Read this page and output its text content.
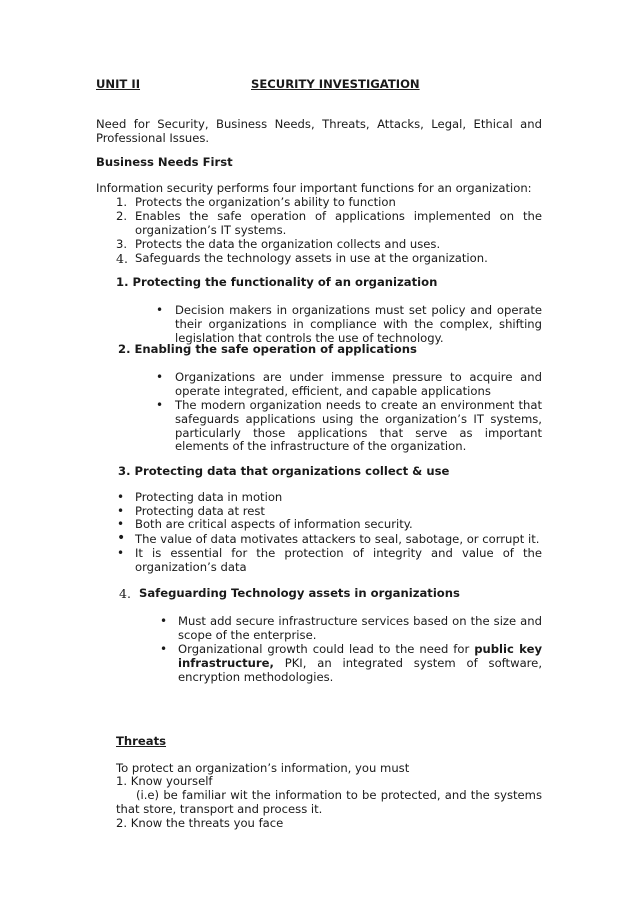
UNIT II	SECURITY INVESTIGATION

Need for Security, Business Needs, Threats, Attacks, Legal, Ethical and Professional Issues.

Business Needs First
Information security performs four important functions for an organization:
1. Protects the organization’s ability to function
2. Enables the safe operation of applications implemented on the organization’s IT systems.
3. Protects the data the organization collects and uses.
4. Safeguards the technology assets in use at the organization.
1. Protecting the functionality of an organization
• Decision makers in organizations must set policy and operate their organizations in compliance with the complex, shifting legislation that controls the use of technology.

2. Enabling the safe operation of applications
• Organizations are under immense pressure to acquire and operate integrated, efficient, and capable applications

• The modern organization needs to create an environment that safeguards applications using the organization’s IT systems, particularly those applications that serve as important elements of the infrastructure of the organization.

3. Protecting data that organizations collect & use
• Protecting data in motion
• Protecting data at rest
• Both are critical aspects of information security.
• The value of data motivates attackers to seal, sabotage, or corrupt it.
• It is essential for the protection of integrity and value of the organization’s data

4. Safeguarding Technology assets in organizations
• Must add secure infrastructure services based on the size and scope of the enterprise.

• Organizational growth could lead to the need for public key infrastructure, PKI, an integrated system of software, encryption methodologies.

Threats
To protect an organization’s information, you must
1. Know yourself

(i.e) be familiar wit the information to be protected, and the systems that store, transport and process it.

2. Know the threats you face
